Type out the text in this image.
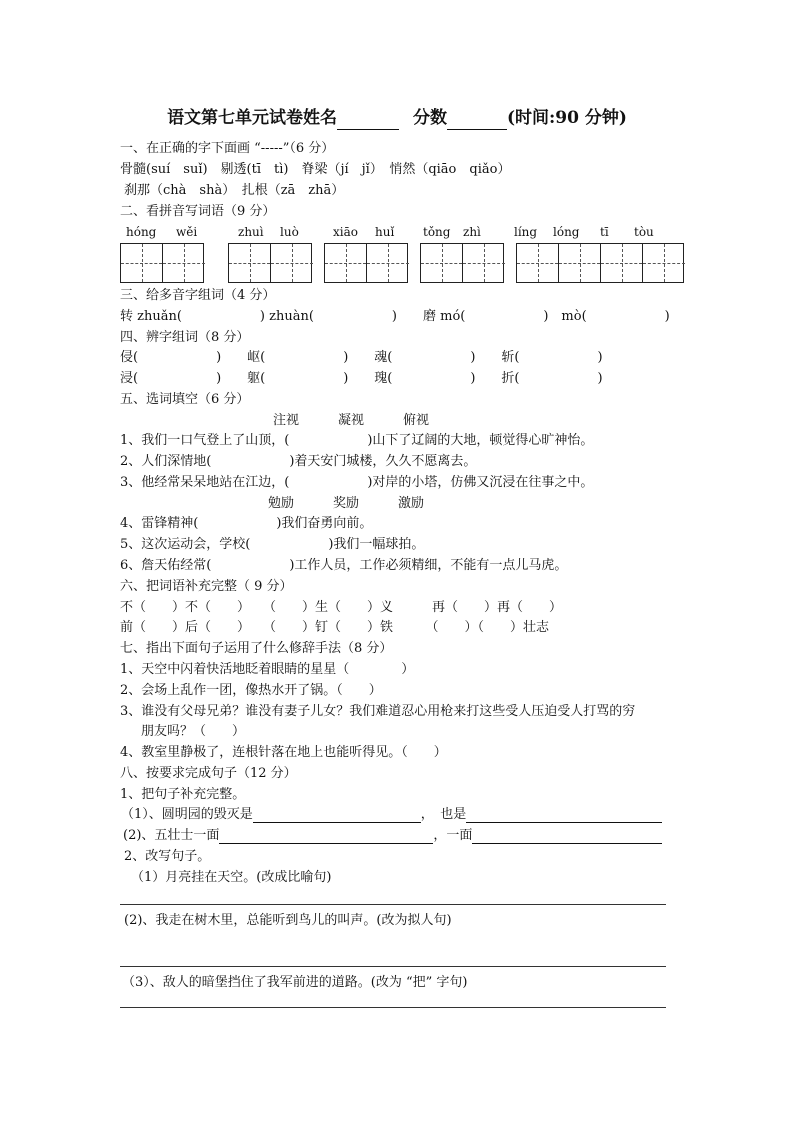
语文第七单元试卷姓名	分数	(时间:90 分钟)
一、在正确的字下面画 “-----”（6 分）
骨髓(suí　suǐ)　剔透(tī　tì)　脊梁（jí　jǐ）　悄然（qiāo　qiǎo）
刹那（chà　shà）　扎根（zā　zhā）
二、看拼音写词语（9 分）
hóng wěi	zhuì luò	xiāo huǐ tǒng zhì	líng lóng tī tòu
三、给多音字组词（4 分）
转 zhuǎn(　　　　　　) zhuàn(　　　　　　)　　磨 mó(　　　　　　)　mò(　　　　　　)
四、辨字组词（8 分）
侵(　　　　　　)　　岖(　　　　　　)　　魂(　　　　　　)　　斩(　　　　　　)
浸(　　　　　　)　　躯(　　　　　　)　　瑰(　　　　　　)　　折(　　　　　　)
五、选词填空（6 分）
注视　　　凝视　　　俯视
1、我们一口气登上了山顶，(　　　　　　)山下了辽阔的大地，顿觉得心旷神怡。
2、人们深情地(　　　　　　)着天安门城楼，久久不愿离去。
3、他经常呆呆地站在江边，(　　　　　　)对岸的小塔，仿佛又沉浸在往事之中。
勉励　　　奖励　　　激励
4、雷锋精神(　　　　　　)我们奋勇向前。
5、这次运动会，学校(　　　　　　)我们一幅球拍。
6、詹天佑经常(　　　　　　)工作人员，工作必须精细，不能有一点儿马虎。
六、把词语补充完整（ 9 分）
不（　　）不（　　）　　（　　）生（　　）义　　　再（　　）再（　　）
前（　　）后（　　）　　（　　）钉（　　）铁　　　（　　）（　　）壮志
七、指出下面句子运用了什么修辞手法（8 分）
1、天空中闪着快活地眨着眼睛的星星（　　　　）
2、会场上乱作一团，像热水开了锅。（　　）
3、谁没有父母兄弟？谁没有妻子儿女？我们难道忍心用枪来打这些受人压迫受人打骂的穷
朋友吗？（　　）
4、教室里静极了，连根针落在地上也能听得见。（　　）
八、按要求完成句子（12 分）
1、把句子补充完整。
（1）、圆明园的毁灭是	，　也是
(2)、五壮士一面	，一面
2、改写句子。
（1）月亮挂在天空。(改成比喻句)
(2)、我走在树木里，总能听到鸟儿的叫声。(改为拟人句)
（3）、敌人的暗堡挡住了我军前进的道路。(改为 “把” 字句)
